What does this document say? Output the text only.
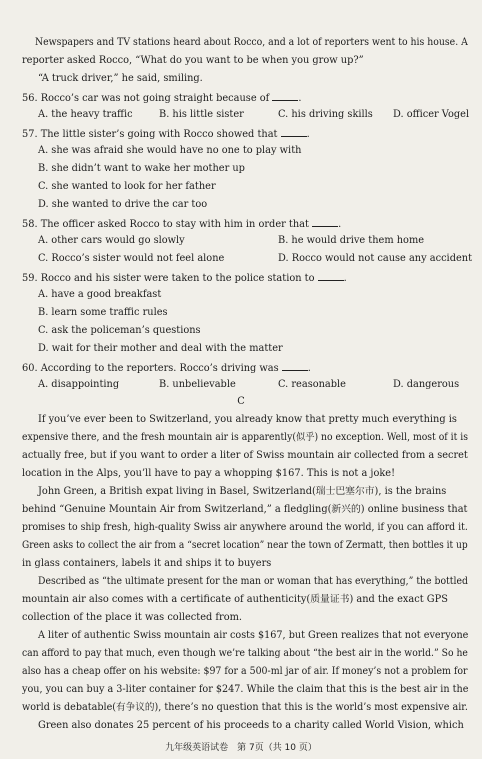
Newspapers and TV stations heard about Rocco, and a lot of reporters went to his house. A
reporter asked Rocco, “What do you want to be when you grow up?”
“A truck driver,” he said, smiling.
56. Rocco’s car was not going straight because of	.
A. the heavy traffic	B. his little sister	C. his driving skills D. officer Vogel
57. The little sister’s going with Rocco showed that	.
A. she was afraid she would have no one to play with
B. she didn’t want to wake her mother up
C. she wanted to look for her father
D. she wanted to drive the car too
58. The officer asked Rocco to stay with him in order that	.
A. other cars would go slowly	B. he would drive them home
C. Rocco’s sister would not feel alone	D. Rocco would not cause any accident
59. Rocco and his sister were taken to the police station to	.
A. have a good breakfast
B. learn some traffic rules
C. ask the policeman’s questions
D. wait for their mother and deal with the matter
60. According to the reporters. Rocco’s driving was	.
A. disappointing	B. unbelievable	C. reasonable	D. dangerous
C
If you’ve ever been to Switzerland, you already know that pretty much everything is
expensive there, and the fresh mountain air is apparently(似乎) no exception. Well, most of it is
actually free, but if you want to order a liter of Swiss mountain air collected from a secret
location in the Alps, you’ll have to pay a whopping $167. This is not a joke!
John Green, a British expat living in Basel, Switzerland(瑞士巴塞尔市), is the brains
behind “Genuine Mountain Air from Switzerland,” a fledgling(新兴的) online business that
promises to ship fresh, high-quality Swiss air anywhere around the world, if you can afford it.
Green asks to collect the air from a “secret location” near the town of Zermatt, then bottles it up
in glass containers, labels it and ships it to buyers
Described as “the ultimate present for the man or woman that has everything,” the bottled
mountain air also comes with a certificate of authenticity(质量证书) and the exact GPS
collection of the place it was collected from.
A liter of authentic Swiss mountain air costs $167, but Green realizes that not everyone
can afford to pay that much, even though we’re talking about “the best air in the world.” So he
also has a cheap offer on his website: $97 for a 500-ml jar of air. If money’s not a problem for
you, you can buy a 3-liter container for $247. While the claim that this is the best air in the
world is debatable(有争议的), there’s no question that this is the world’s most expensive air.
Green also donates 25 percent of his proceeds to a charity called World Vision, which
九年级英语试卷　第 7页（共 10 页）
